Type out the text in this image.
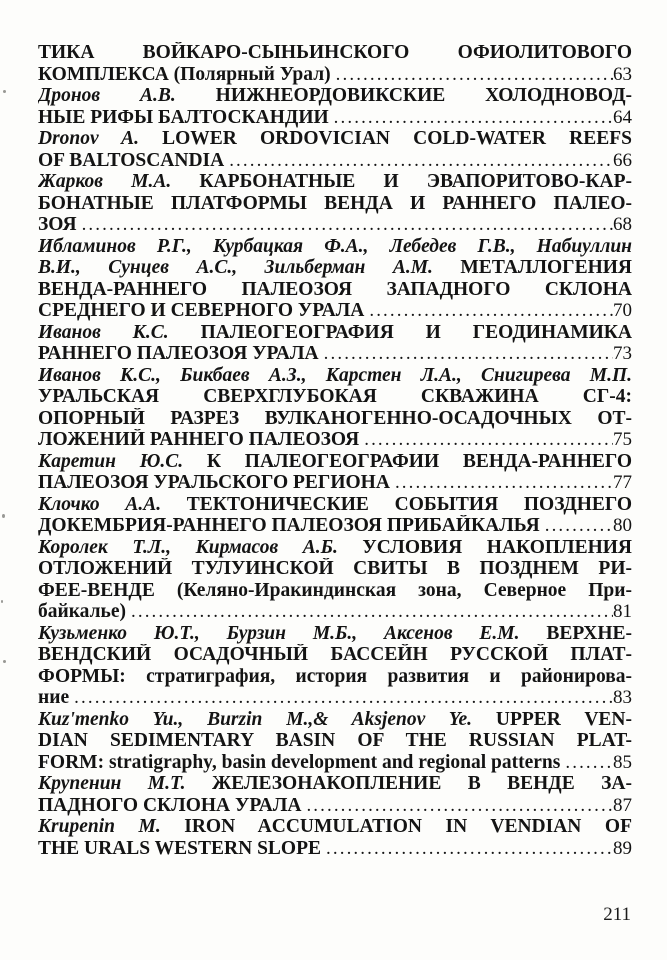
ТИКА ВОЙКАРО-СЫНЬИНСКОГО ОФИОЛИТОВОГО
КОМПЛЕКСА (Полярный Урал) .....	63
Дронов А.В. НИЖНЕОРДОВИКСКИЕ ХОЛОДНОВОД-
НЫЕ РИФЫ БАЛТОСКАНДИИ .....	64
Dronov A. LOWER ORDOVICIAN COLD-WATER REEFS
OF BALTOSCANDIA .....	66
Жарков М.А. КАРБОНАТНЫЕ И ЭВАПОРИТОВО-КАР-
БОНАТНЫЕ ПЛАТФОРМЫ ВЕНДА И РАННЕГО ПАЛЕО-
ЗОЯ .....	68
Ибламинов Р.Г., Курбацкая Ф.А., Лебедев Г.В., Набиуллин
В.И., Сунцев А.С., Зильберман А.М. МЕТАЛЛОГЕНИЯ
ВЕНДА-РАННЕГО ПАЛЕОЗОЯ ЗАПАДНОГО СКЛОНА
СРЕДНЕГО И СЕВЕРНОГО УРАЛА .....	70
Иванов К.С. ПАЛЕОГЕОГРАФИЯ И ГЕОДИНАМИКА
РАННЕГО ПАЛЕОЗОЯ УРАЛА .....	73
Иванов К.С., Бикбаев А.З., Карстен Л.А., Снигирева М.П.
УРАЛЬСКАЯ СВЕРХГЛУБОКАЯ СКВАЖИНА СГ-4:
ОПОРНЫЙ РАЗРЕЗ ВУЛКАНОГЕННО-ОСАДОЧНЫХ ОТ-
ЛОЖЕНИЙ РАННЕГО ПАЛЕОЗОЯ .....	75
Каретин Ю.С. К ПАЛЕОГЕОГРАФИИ ВЕНДА-РАННЕГО
ПАЛЕОЗОЯ УРАЛЬСКОГО РЕГИОНА .....	77
Клочко А.А. ТЕКТОНИЧЕСКИЕ СОБЫТИЯ ПОЗДНЕГО
ДОКЕМБРИЯ-РАННЕГО ПАЛЕОЗОЯ ПРИБАЙКАЛЬЯ .....	80
Королек Т.Л., Кирмасов А.Б. УСЛОВИЯ НАКОПЛЕНИЯ
ОТЛОЖЕНИЙ ТУЛУИНСКОЙ СВИТЫ В ПОЗДНЕМ РИ-
ФЕЕ-ВЕНДЕ (Келяно-Иракиндинская зона, Северное При-
байкалье) .....	81
Кузьменко Ю.Т., Бурзин М.Б., Аксенов Е.М. ВЕРХНЕ-
ВЕНДСКИЙ ОСАДОЧНЫЙ БАССЕЙН РУССКОЙ ПЛАТ-
ФОРМЫ: стратиграфия, история развития и районирова-
ние .....	83
Kuz'menko Yu., Burzin M.,& Aksjenov Ye. UPPER VEN-
DIAN SEDIMENTARY BASIN OF THE RUSSIAN PLAT-
FORM: stratigraphy, basin development and regional patterns .....	85
Крупенин М.Т. ЖЕЛЕЗОНАКОПЛЕНИЕ В ВЕНДЕ ЗА-
ПАДНОГО СКЛОНА УРАЛА .....	87
Krupenin M. IRON ACCUMULATION IN VENDIAN OF
THE URALS WESTERN SLOPE .....	89
211
